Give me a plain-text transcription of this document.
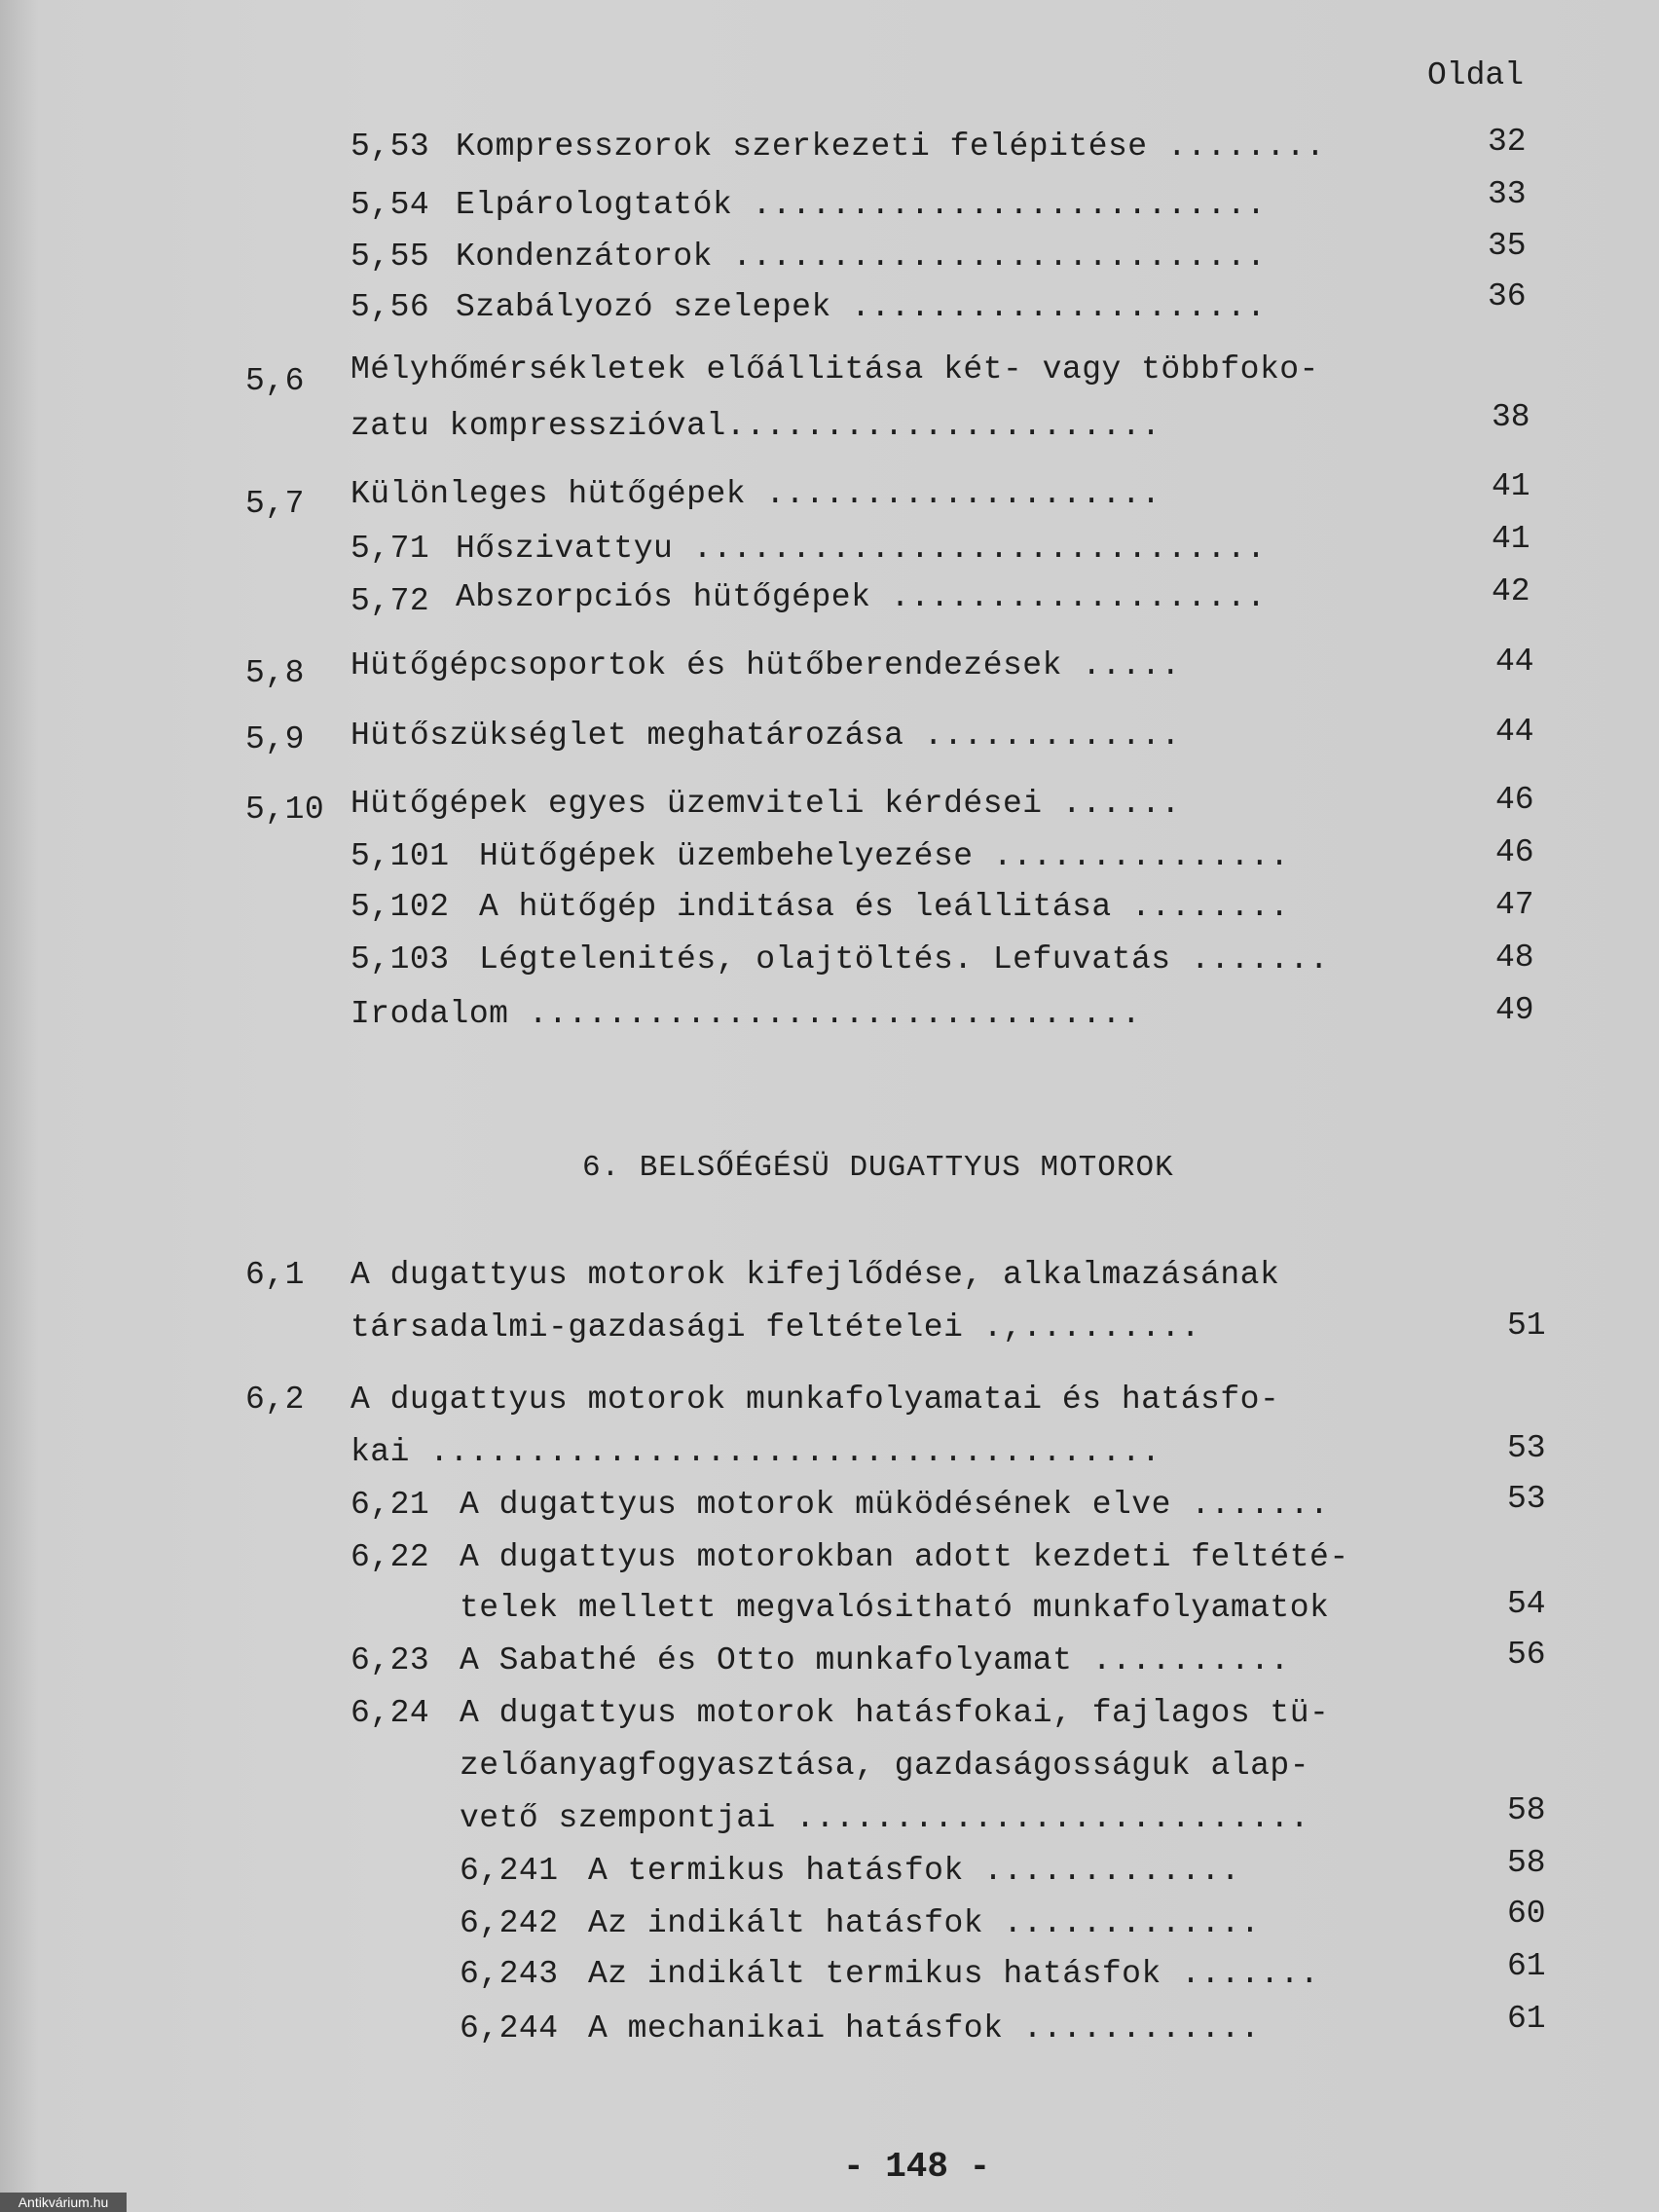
Oldal
5,53 Kompresszorok szerkezeti felépitése ........	32
5,54 Elpárologtatók ..........................	33
5,55 Kondenzátorok ...........................	35
5,56 Szabályozó szelepek .....................	36
5,6 Mélyhőmérsékletek előállitása két- vagy többfoko-
zatu kompresszióval......................	38
5,7 Különleges hütőgépek ....................	41
5,71 Hőszivattyu .............................	41
5,72 Abszorpciós hütőgépek ...................	42
5,8 Hütőgépcsoportok és hütőberendezések .....	44
5,9 Hütőszükséglet meghatározása .............	44
5,10 Hütőgépek egyes üzemviteli kérdései ......	46
5,101 Hütőgépek üzembehelyezése ...............	46
5,102 A hütőgép inditása és leállitása ........	47
5,103 Légtelenités, olajtöltés. Lefuvatás .......	48
Irodalom ...............................	49
6. BELSŐÉGÉSÜ DUGATTYUS MOTOROK
6,1 A dugattyus motorok kifejlődése, alkalmazásának
társadalmi-gazdasági feltételei .,.........	51
6,2 A dugattyus motorok munkafolyamatai és hatásfo-
kai .....................................	53
6,21 A dugattyus motorok müködésének elve .......	53
6,22 A dugattyus motorokban adott kezdeti feltété-
telek mellett megvalósitható munkafolyamatok	54
6,23 A Sabathé és Otto munkafolyamat ..........	56
6,24 A dugattyus motorok hatásfokai, fajlagos tü-
zelőanyagfogyasztása, gazdaságosságuk alap-
vető szempontjai ..........................	58
6,241 A termikus hatásfok .............	58
6,242 Az indikált hatásfok .............	60
6,243 Az indikált termikus hatásfok .......	61
6,244 A mechanikai hatásfok ............	61
- 148 -
Antikvárium.hu
